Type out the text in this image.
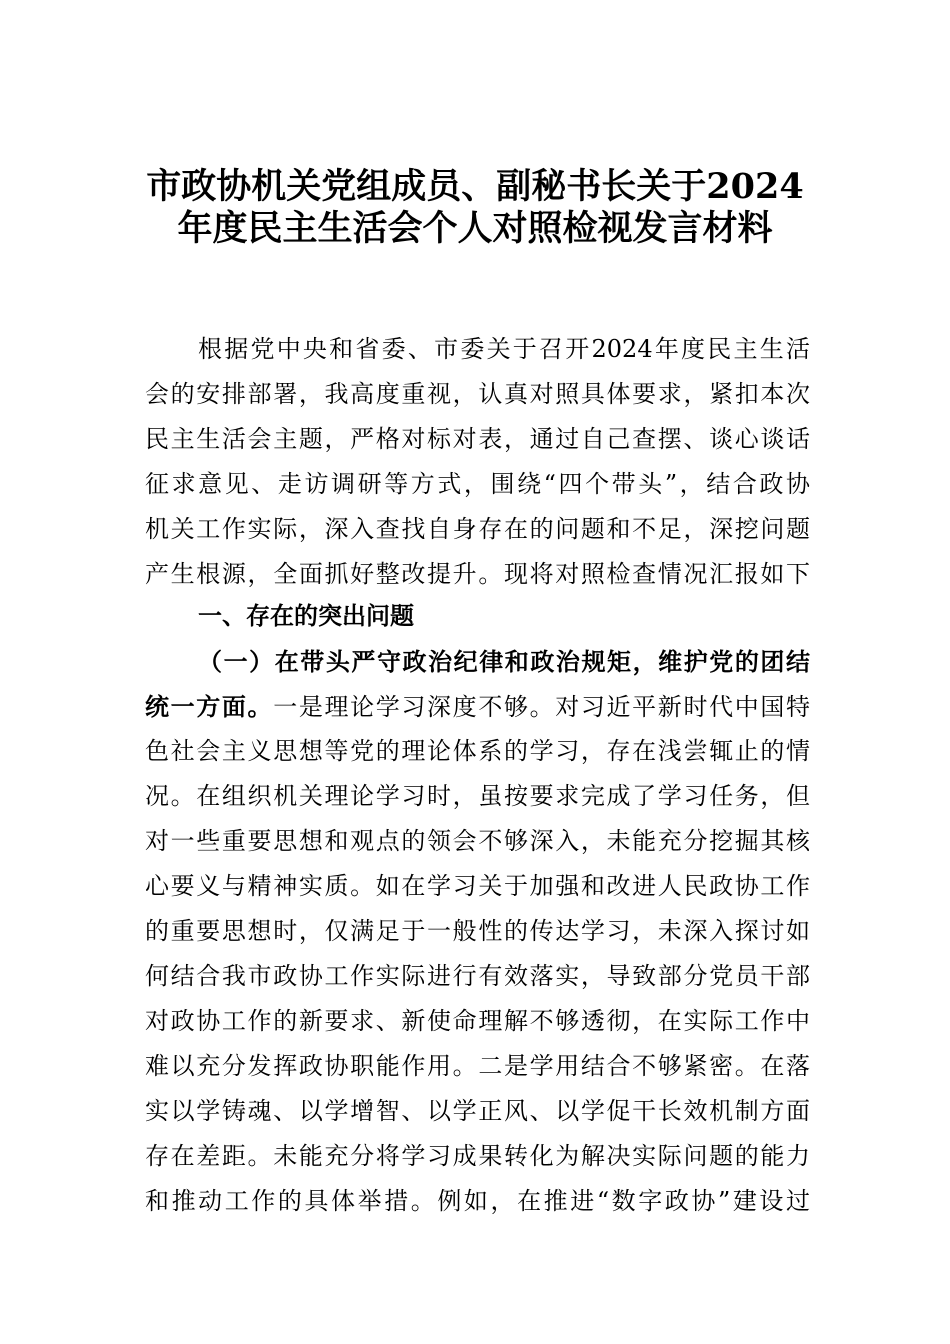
市政协机关党组成员、副秘书长关于2024
年度民主生活会个人对照检视发言材料
根据党中央和省委、市委关于召开2024年度民主生活
会的安排部署，我高度重视，认真对照具体要求，紧扣本次
民主生活会主题，严格对标对表，通过自己查摆、谈心谈话
征求意见、走访调研等方式，围绕“四个带头”，结合政协
机关工作实际，深入查找自身存在的问题和不足，深挖问题
产生根源，全面抓好整改提升。现将对照检查情况汇报如下
一、存在的突出问题
（一）在带头严守政治纪律和政治规矩，维护党的团结
统一方面。一是理论学习深度不够。对习近平新时代中国特
色社会主义思想等党的理论体系的学习，存在浅尝辄止的情
况。在组织机关理论学习时，虽按要求完成了学习任务，但
对一些重要思想和观点的领会不够深入，未能充分挖掘其核
心要义与精神实质。如在学习关于加强和改进人民政协工作
的重要思想时，仅满足于一般性的传达学习，未深入探讨如
何结合我市政协工作实际进行有效落实，导致部分党员干部
对政协工作的新要求、新使命理解不够透彻，在实际工作中
难以充分发挥政协职能作用。二是学用结合不够紧密。在落
实以学铸魂、以学增智、以学正风、以学促干长效机制方面
存在差距。未能充分将学习成果转化为解决实际问题的能力
和推动工作的具体举措。例如，在推进“数字政协”建设过
